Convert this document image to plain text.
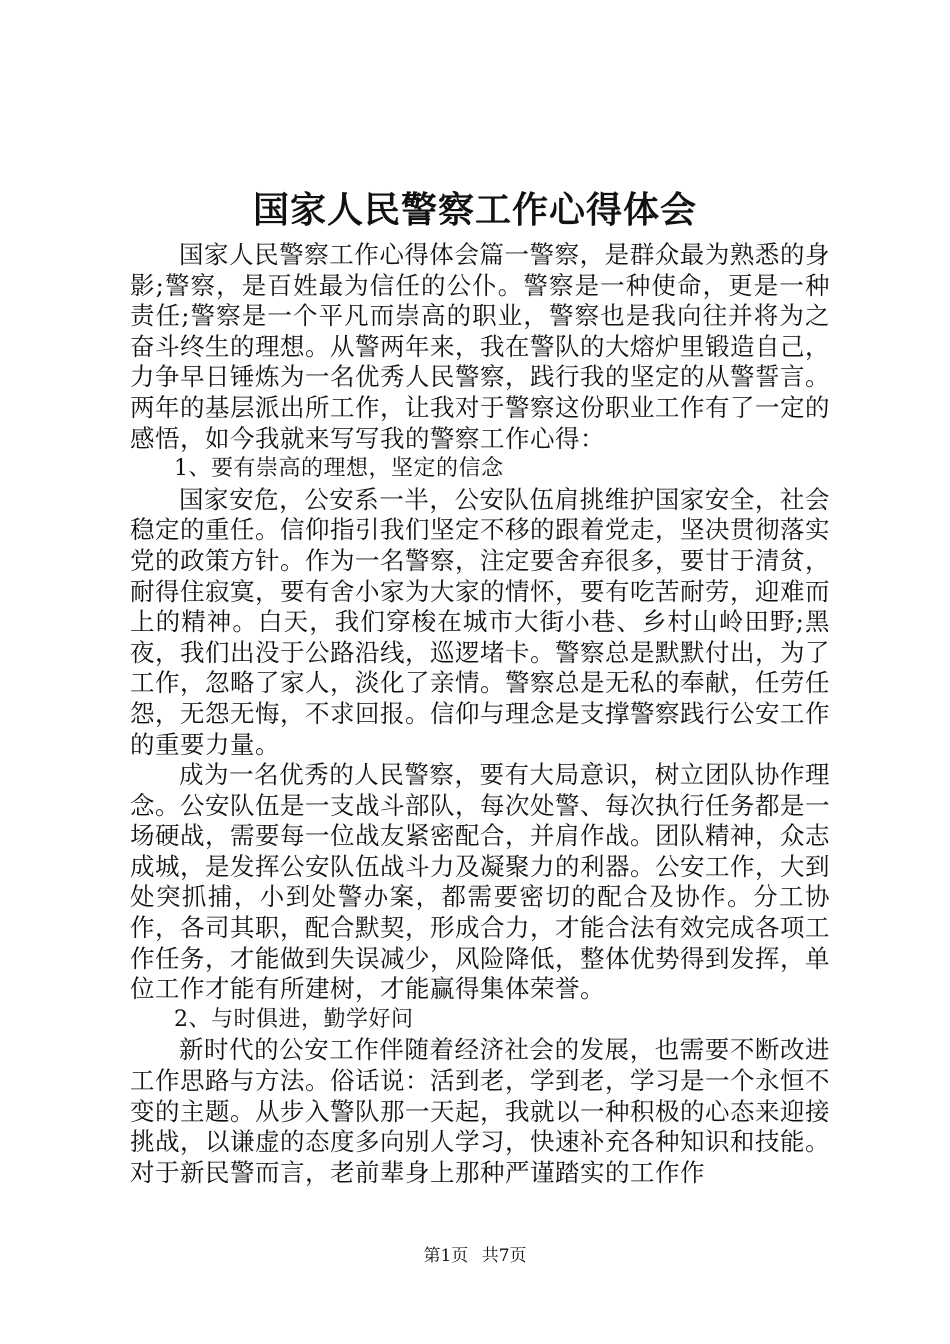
国家人民警察工作心得体会

国家人民警察工作心得体会篇一警察，是群众最为熟悉的身影;警察，是百姓最为信任的公仆。警察是一种使命，更是一种责任;警察是一个平凡而崇高的职业，警察也是我向往并将为之奋斗终生的理想。从警两年来，我在警队的大熔炉里锻造自己，力争早日锤炼为一名优秀人民警察，践行我的坚定的从警誓言。两年的基层派出所工作，让我对于警察这份职业工作有了一定的感悟，如今我就来写写我的警察工作心得：

1、要有崇高的理想，坚定的信念

国家安危，公安系一半，公安队伍肩挑维护国家安全，社会稳定的重任。信仰指引我们坚定不移的跟着党走，坚决贯彻落实党的政策方针。作为一名警察，注定要舍弃很多，要甘于清贫，耐得住寂寞，要有舍小家为大家的情怀，要有吃苦耐劳，迎难而上的精神。白天，我们穿梭在城市大街小巷、乡村山岭田野;黑夜，我们出没于公路沿线，巡逻堵卡。警察总是默默付出，为了工作，忽略了家人，淡化了亲情。警察总是无私的奉献，任劳任怨，无怨无悔，不求回报。信仰与理念是支撑警察践行公安工作的重要力量。

成为一名优秀的人民警察，要有大局意识，树立团队协作理念。公安队伍是一支战斗部队，每次处警、每次执行任务都是一场硬战，需要每一位战友紧密配合，并肩作战。团队精神，众志成城，是发挥公安队伍战斗力及凝聚力的利器。公安工作，大到处突抓捕，小到处警办案，都需要密切的配合及协作。分工协作，各司其职，配合默契，形成合力，才能合法有效完成各项工作任务，才能做到失误减少，风险降低，整体优势得到发挥，单位工作才能有所建树，才能赢得集体荣誉。

2、与时俱进，勤学好问

新时代的公安工作伴随着经济社会的发展，也需要不断改进工作思路与方法。俗话说：活到老，学到老，学习是一个永恒不变的主题。从步入警队那一天起，我就以一种积极的心态来迎接挑战，以谦虚的态度多向别人学习，快速补充各种知识和技能。对于新民警而言，老前辈身上那种严谨踏实的工作作

第1页 共7页
